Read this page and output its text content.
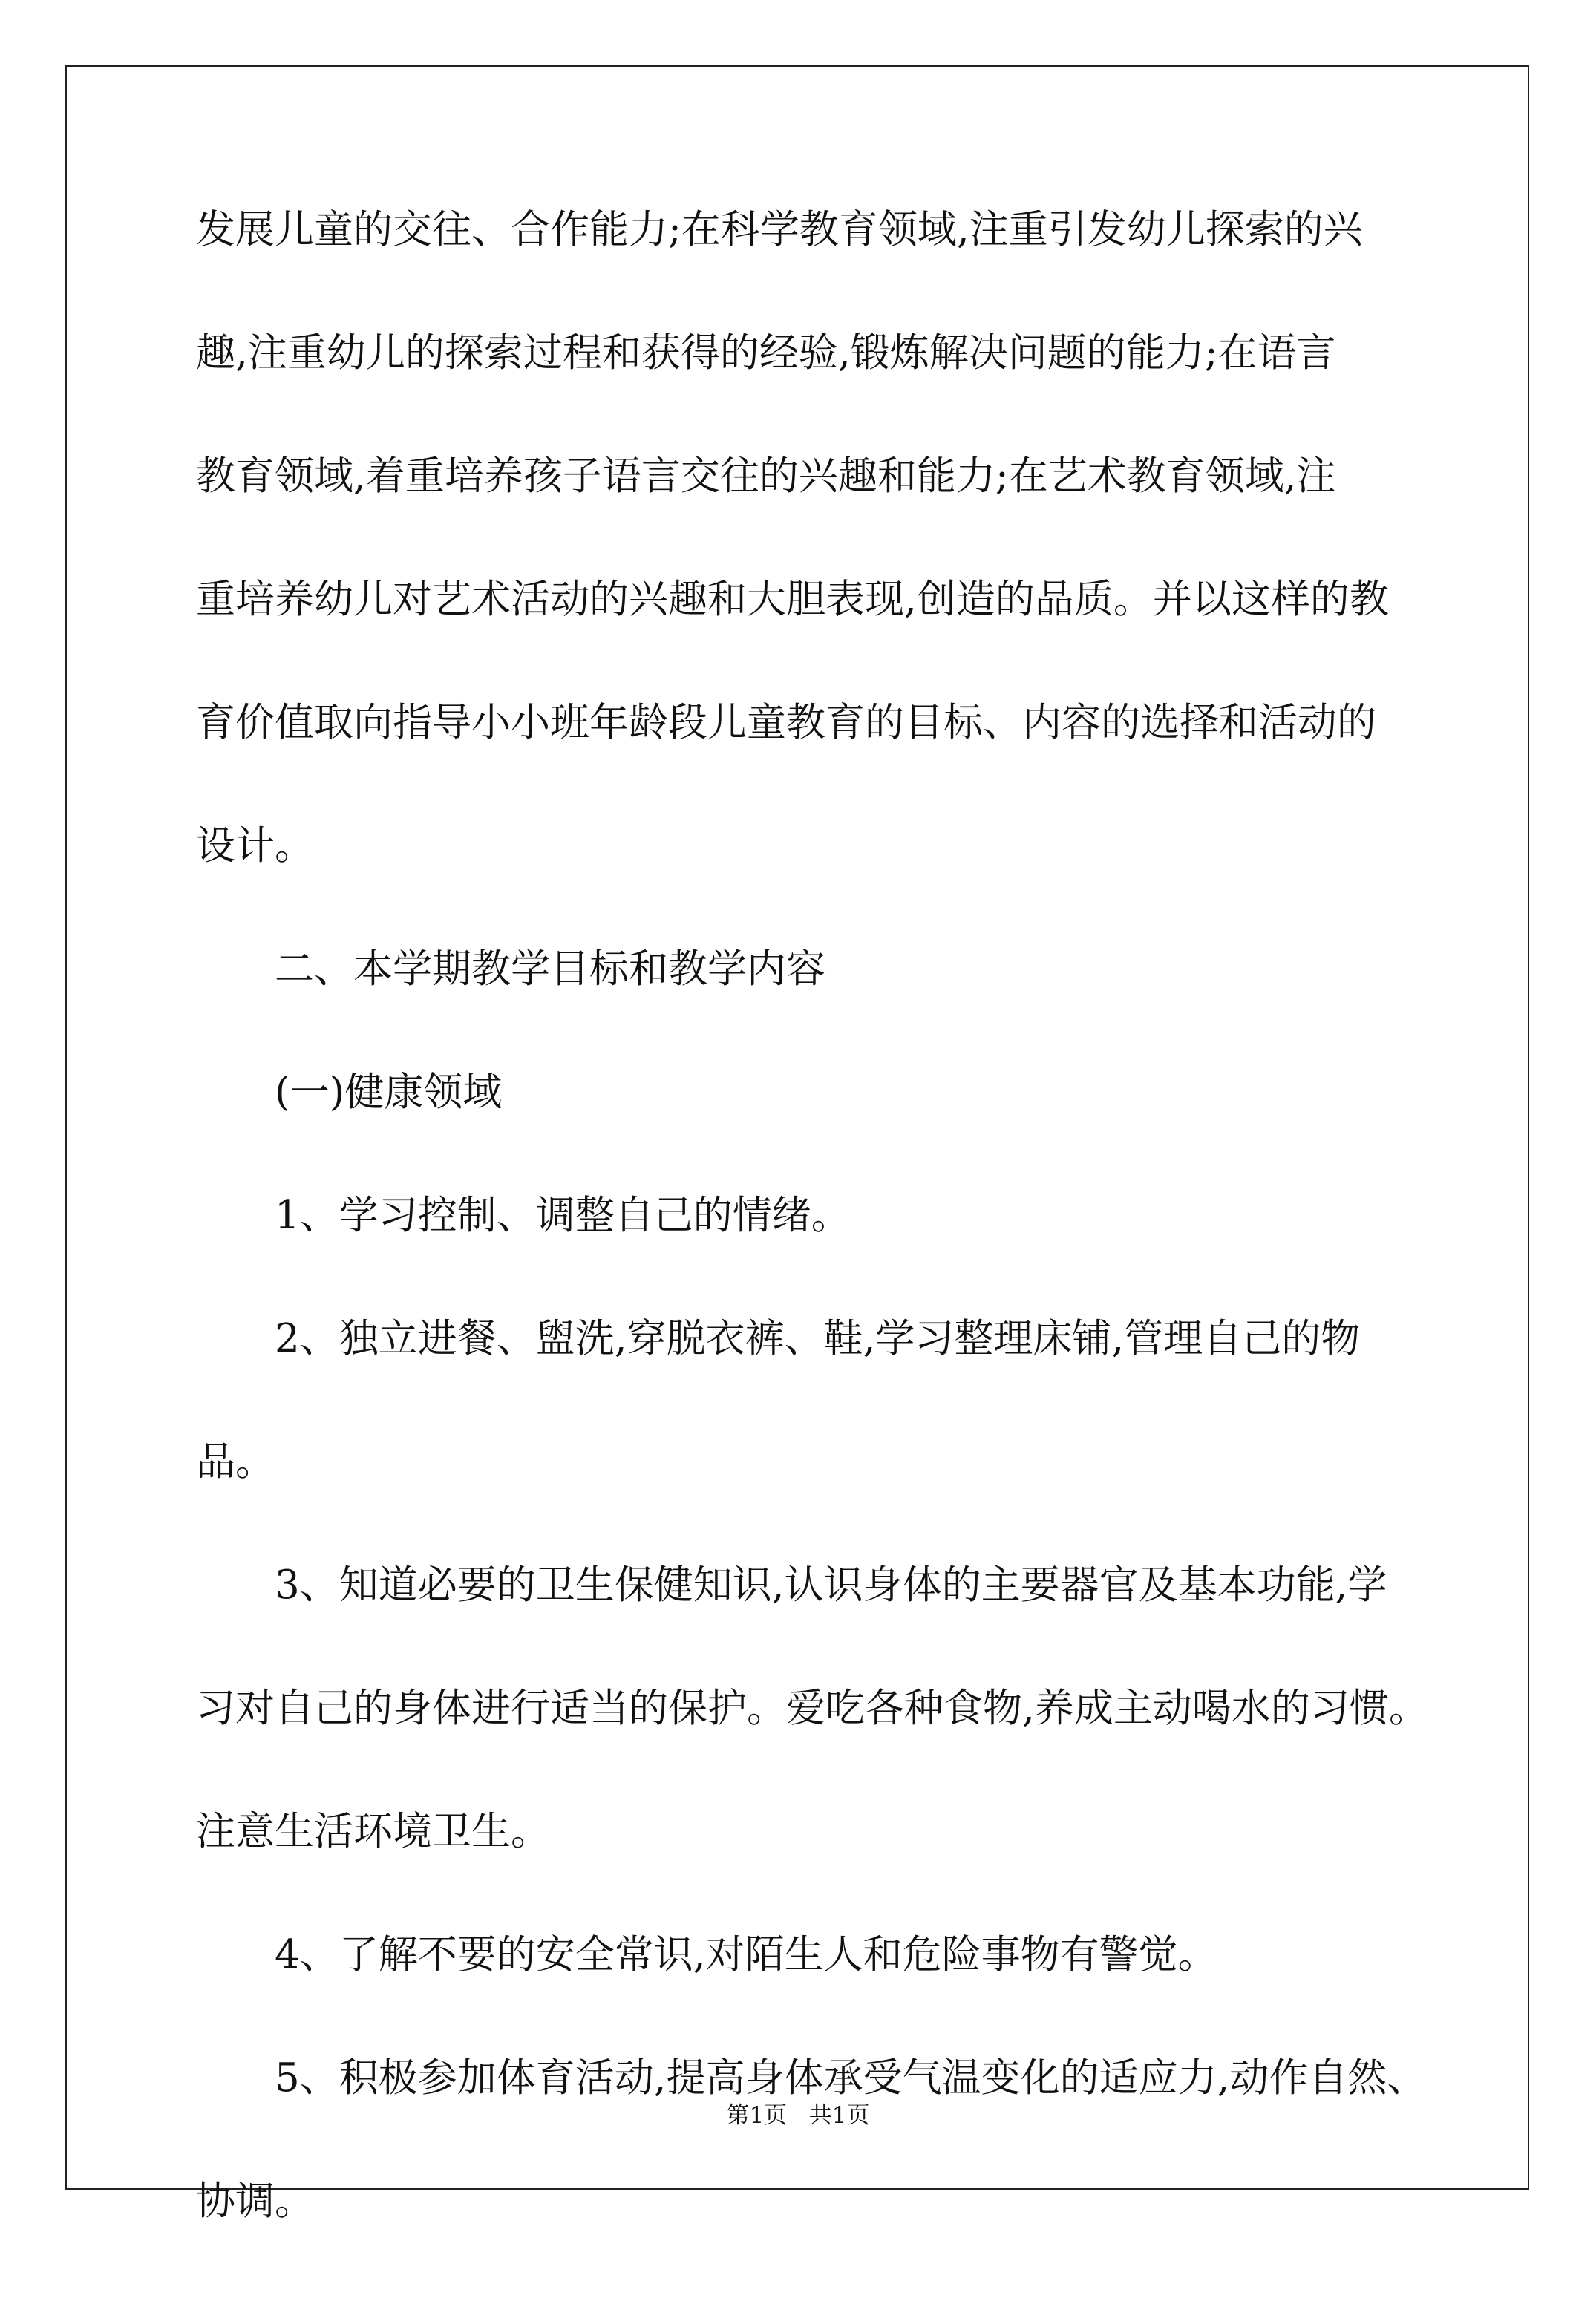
发展儿童的交往、合作能力;在科学教育领域,注重引发幼儿探索的兴
趣,注重幼儿的探索过程和获得的经验,锻炼解决问题的能力;在语言
教育领域,着重培养孩子语言交往的兴趣和能力;在艺术教育领域,注
重培养幼儿对艺术活动的兴趣和大胆表现,创造的品质。并以这样的教
育价值取向指导小小班年龄段儿童教育的目标、内容的选择和活动的
设计。
二、本学期教学目标和教学内容
(一)健康领域
1、学习控制、调整自己的情绪。
2、独立进餐、盥洗,穿脱衣裤、鞋,学习整理床铺,管理自己的物
品。
3、知道必要的卫生保健知识,认识身体的主要器官及基本功能,学
习对自己的身体进行适当的保护。爱吃各种食物,养成主动喝水的习惯。
注意生活环境卫生。
4、了解不要的安全常识,对陌生人和危险事物有警觉。
5、积极参加体育活动,提高身体承受气温变化的适应力,动作自然、
协调。
第1页   共1页
